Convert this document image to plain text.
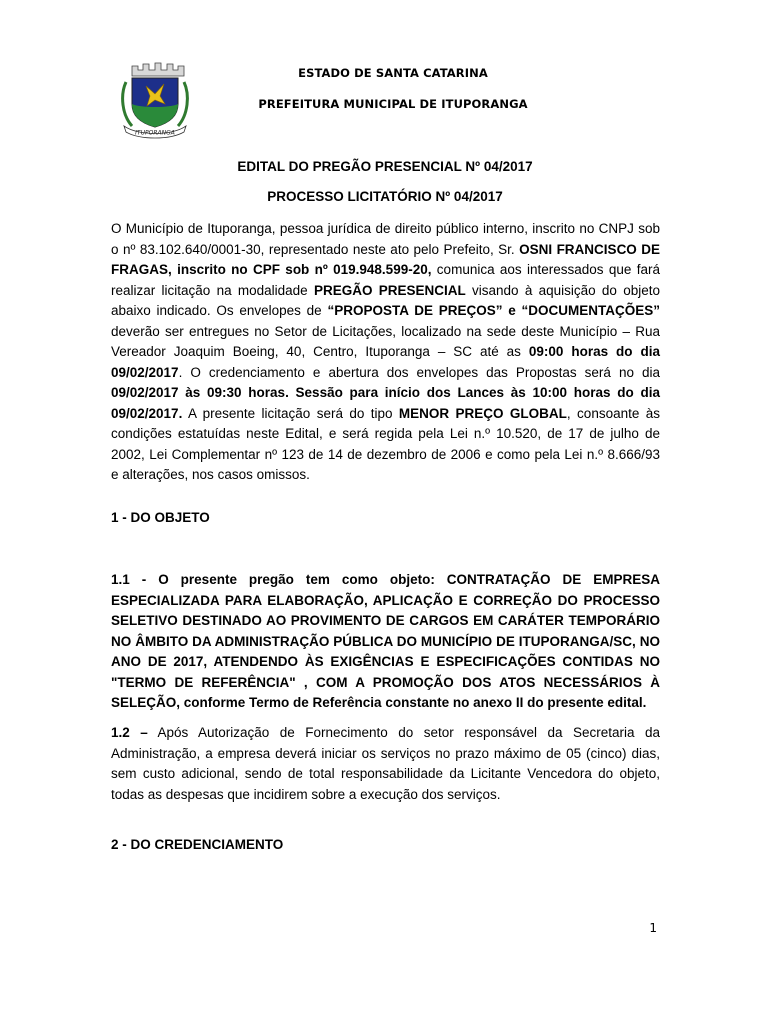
ITUPORANGA
ESTADO DE SANTA CATARINA
PREFEITURA MUNICIPAL DE ITUPORANGA
EDITAL DO PREGÃO PRESENCIAL Nº 04/2017
PROCESSO LICITATÓRIO Nº 04/2017
O Município de Ituporanga, pessoa jurídica de direito público interno, inscrito no CNPJ sob o nº 83.102.640/0001-30, representado neste ato pelo Prefeito, Sr. OSNI FRANCISCO DE FRAGAS, inscrito no CPF sob nº 019.948.599-20, comunica aos interessados que fará realizar licitação na modalidade PREGÃO PRESENCIAL visando à aquisição do objeto abaixo indicado. Os envelopes de “PROPOSTA DE PREÇOS” e “DOCUMENTAÇÕES” deverão ser entregues no Setor de Licitações, localizado na sede deste Município – Rua Vereador Joaquim Boeing, 40, Centro, Ituporanga – SC até as 09:00 horas do dia 09/02/2017. O credenciamento e abertura dos envelopes das Propostas será no dia 09/02/2017 às 09:30 horas. Sessão para início dos Lances às 10:00 horas do dia 09/02/2017. A presente licitação será do tipo MENOR PREÇO GLOBAL, consoante às condições estatuídas neste Edital, e será regida pela Lei n.º 10.520, de 17 de julho de 2002, Lei Complementar nº 123 de 14 de dezembro de 2006 e como pela Lei n.º 8.666/93 e alterações, nos casos omissos.
1 - DO OBJETO
1.1 - O presente pregão tem como objeto: CONTRATAÇÃO DE EMPRESA ESPECIALIZADA PARA ELABORAÇÃO, APLICAÇÃO E CORREÇÃO DO PROCESSO SELETIVO DESTINADO AO PROVIMENTO DE CARGOS EM CARÁTER TEMPORÁRIO NO ÂMBITO DA ADMINISTRAÇÃO PÚBLICA DO MUNICÍPIO DE ITUPORANGA/SC, NO ANO DE 2017, ATENDENDO ÀS EXIGÊNCIAS E ESPECIFICAÇÕES CONTIDAS NO "TERMO DE REFERÊNCIA" , COM A PROMOÇÃO DOS ATOS NECESSÁRIOS À SELEÇÃO, conforme Termo de Referência constante no anexo II do presente edital.
1.2 – Após Autorização de Fornecimento do setor responsável da Secretaria da Administração, a empresa deverá iniciar os serviços no prazo máximo de 05 (cinco) dias, sem custo adicional, sendo de total responsabilidade da Licitante Vencedora do objeto, todas as despesas que incidirem sobre a execução dos serviços.
2 - DO CREDENCIAMENTO
1
